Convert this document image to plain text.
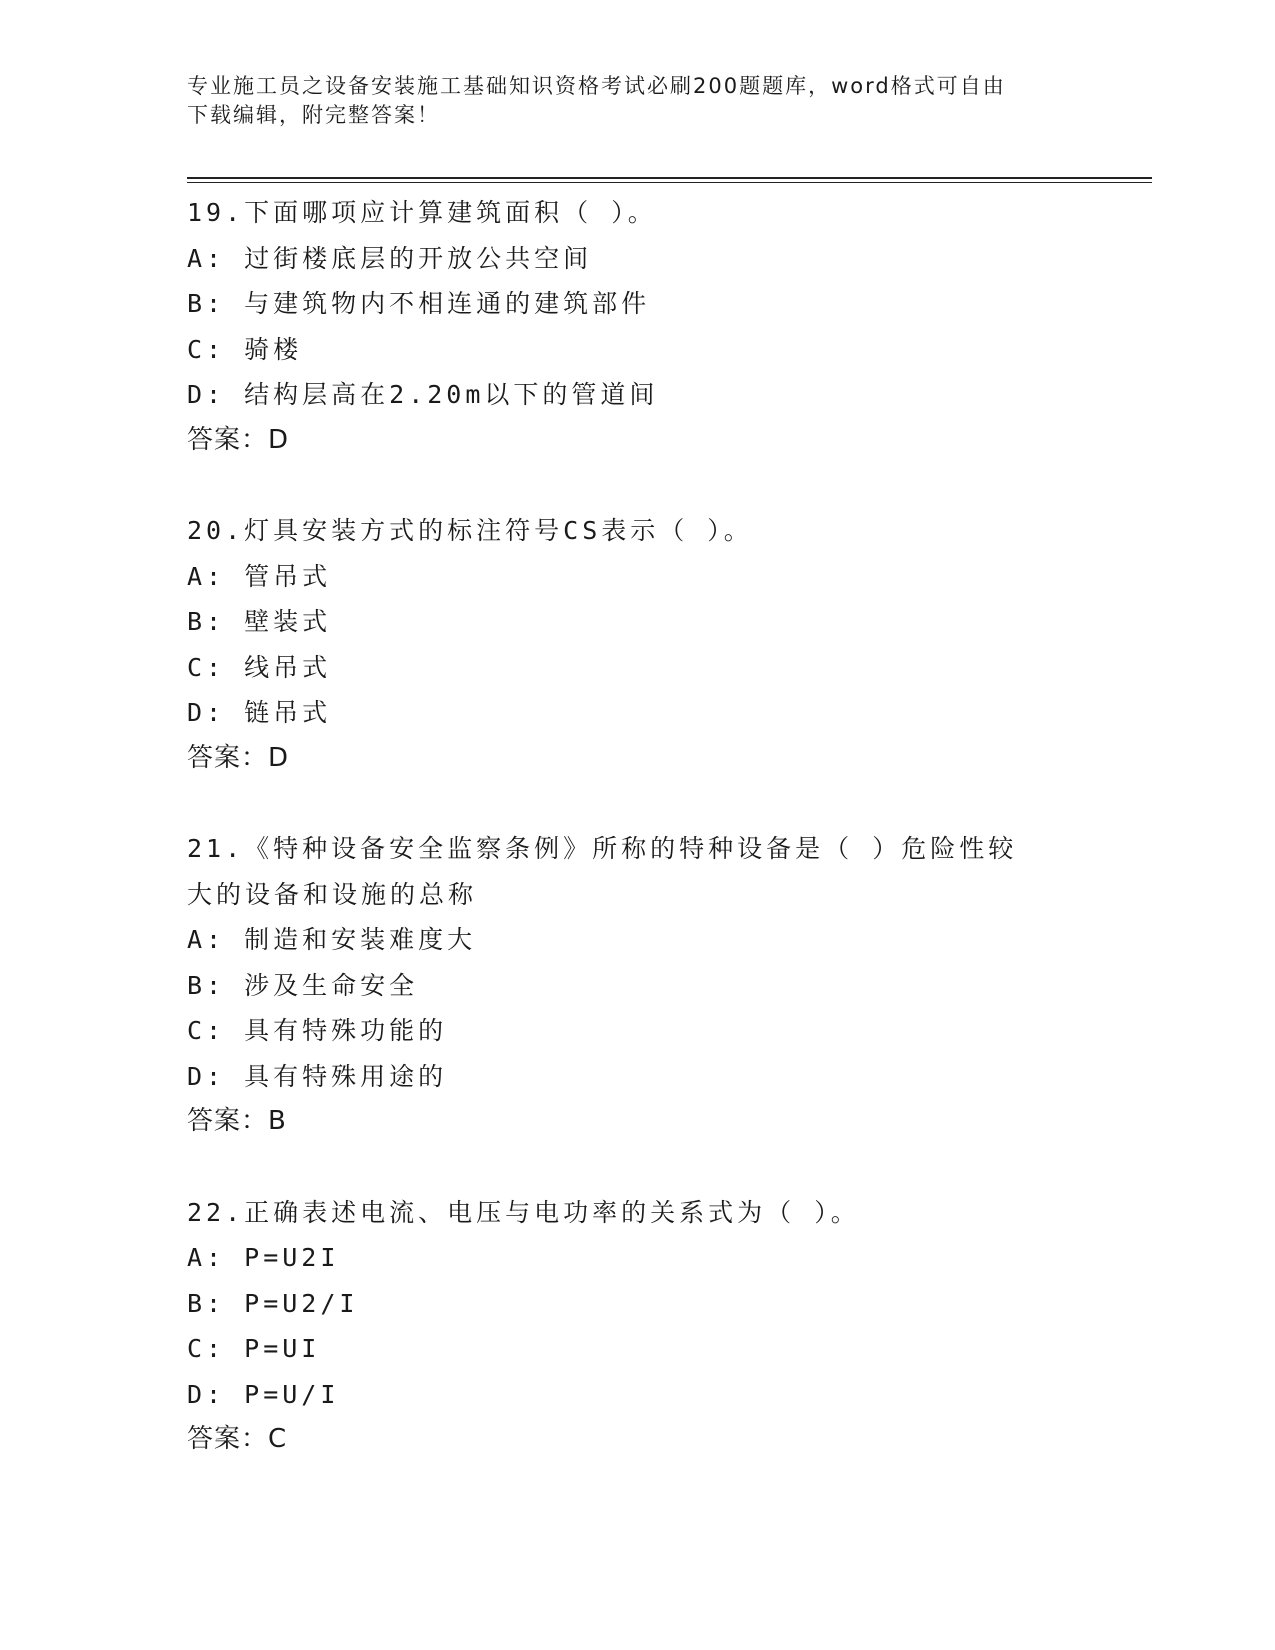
专业施工员之设备安装施工基础知识资格考试必刷200题题库，word格式可自由
下载编辑，附完整答案！
19.下面哪项应计算建筑面积（ ）。
A: 过街楼底层的开放公共空间
B: 与建筑物内不相连通的建筑部件
C: 骑楼
D: 结构层高在2.20m以下的管道间
答案：D
20.灯具安装方式的标注符号CS表示（ ）。
A: 管吊式
B: 壁装式
C: 线吊式
D: 链吊式
答案：D
21.《特种设备安全监察条例》所称的特种设备是（ ）危险性较大的设备和设施的总称
A: 制造和安装难度大
B: 涉及生命安全
C: 具有特殊功能的
D: 具有特殊用途的
答案：B
22.正确表述电流、电压与电功率的关系式为（ ）。
A: P=U2I
B: P=U2/I
C: P=UI
D: P=U/I
答案：C
